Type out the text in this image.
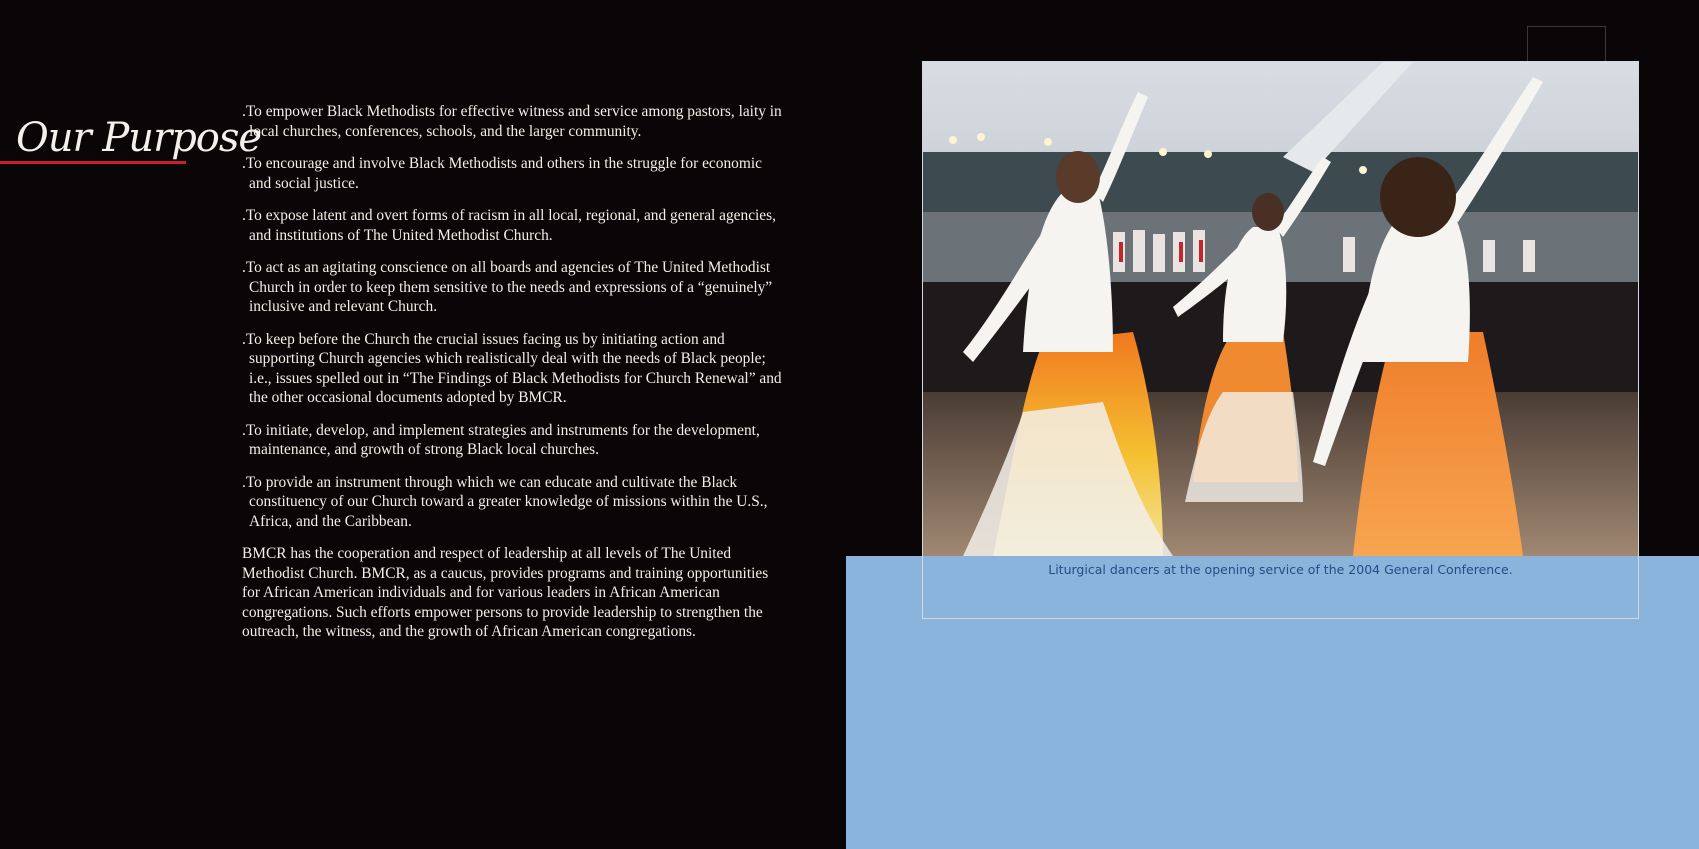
Our Purpose

.To empower Black Methodists for effective witness and service among pastors, laity in local churches, conferences, schools, and the larger community.

.To encourage and involve Black Methodists and others in the struggle for economic and social justice.

.To expose latent and overt forms of racism in all local, regional, and general agencies, and institutions of The United Methodist Church.

.To act as an agitating conscience on all boards and agencies of The United Methodist Church in order to keep them sensitive to the needs and expressions of a “genuinely” inclusive and relevant Church.

.To keep before the Church the crucial issues facing us by initiating action and supporting Church agencies which realistically deal with the needs of Black people; i.e., issues spelled out in “The Findings of Black Methodists for Church Renewal” and the other occasional documents adopted by BMCR.

.To initiate, develop, and implement strategies and instruments for the development, maintenance, and growth of strong Black local churches.

.To provide an instrument through which we can educate and cultivate the Black constituency of our Church toward a greater knowledge of missions within the U.S., Africa, and the Caribbean.

BMCR has the cooperation and respect of leadership at all levels of The United Methodist Church. BMCR, as a caucus, provides programs and training opportunities for African American individuals and for various leaders in African American congregations. Such efforts empower persons to provide leadership to strengthen the outreach, the witness, and the growth of African American congregations.

Liturgical dancers at the opening service of the 2004 General Conference.
